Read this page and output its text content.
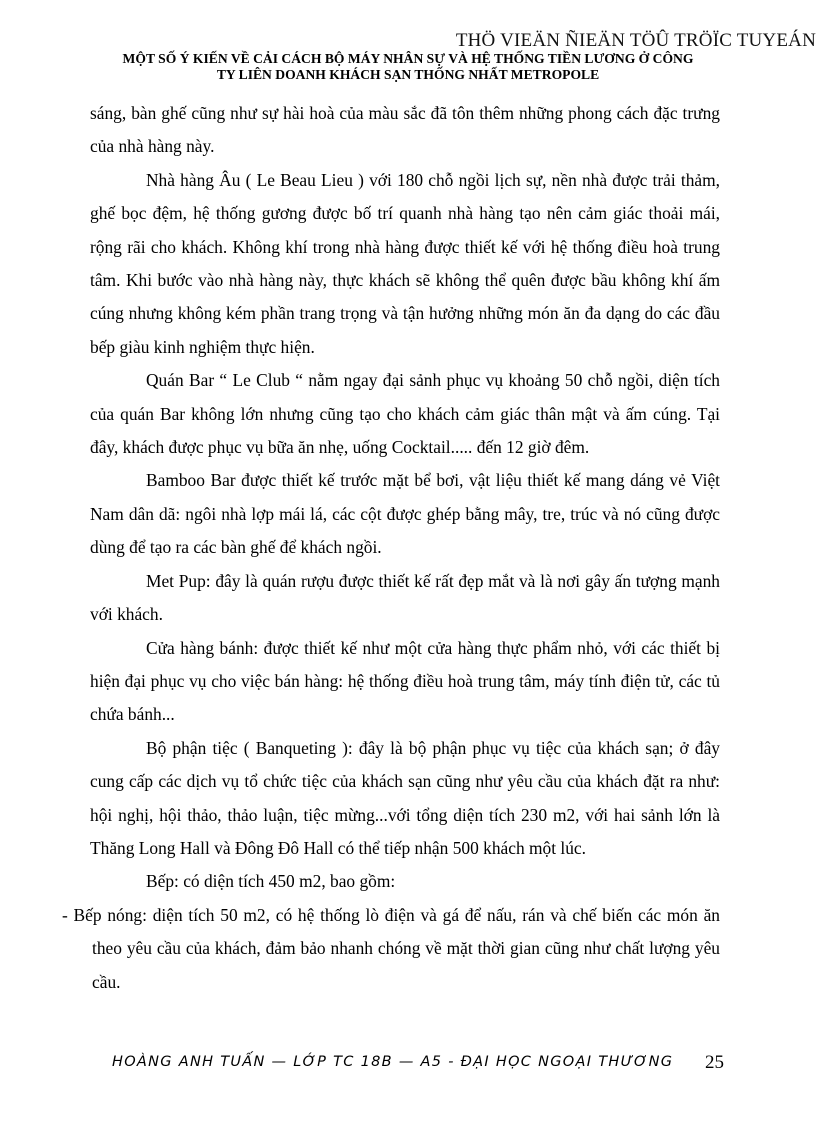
THÖ VIEÄN ÑIEÄN TÖÛ TRÖÏC TUYEÁN
MỘT SỐ Ý KIẾN VỀ CẢI CÁCH BỘ MÁY NHÂN SỰ VÀ HỆ THỐNG TIỀN LƯƠNG Ở CÔNG
TY LIÊN DOANH KHÁCH SẠN THỐNG NHẤT METROPOLE

sáng, bàn ghế cũng như sự hài hoà của màu sắc đã tôn thêm những phong cách đặc trưng của nhà hàng này.

Nhà hàng Âu ( Le Beau Lieu ) với 180 chỗ ngồi lịch sự, nền nhà được trải thảm, ghế bọc đệm, hệ thống gương được bố trí quanh nhà hàng tạo nên cảm giác thoải mái, rộng rãi cho khách. Không khí trong nhà hàng được thiết kế với hệ thống điều hoà trung tâm. Khi bước vào nhà hàng này, thực khách sẽ không thể quên được bầu không khí ấm cúng nhưng không kém phần trang trọng và tận hưởng những món ăn đa dạng do các đầu bếp giàu kinh nghiệm thực hiện.

Quán Bar “ Le Club “ nằm ngay đại sảnh phục vụ khoảng 50 chỗ ngồi, diện tích của quán Bar không lớn nhưng cũng tạo cho khách cảm giác thân mật và ấm cúng. Tại đây, khách được phục vụ bữa ăn nhẹ, uống Cocktail..... đến 12 giờ đêm.

Bamboo Bar được thiết kế trước mặt bể bơi, vật liệu thiết kế mang dáng vẻ Việt Nam dân dã: ngôi nhà lợp mái lá, các cột được ghép bằng mây, tre, trúc và nó cũng được dùng để tạo ra các bàn ghế để khách ngồi.

Met Pup: đây là quán rượu được thiết kế rất đẹp mắt và là nơi gây ấn tượng mạnh với khách.

Cửa hàng bánh: được thiết kế như một cửa hàng thực phẩm nhỏ, với các thiết bị hiện đại phục vụ cho việc bán hàng: hệ thống điều hoà trung tâm, máy tính điện tử, các tủ chứa bánh...

Bộ phận tiệc ( Banqueting ): đây là bộ phận phục vụ tiệc của khách sạn; ở đây cung cấp các dịch vụ tổ chức tiệc của khách sạn cũng như yêu cầu của khách đặt ra như: hội nghị, hội thảo, thảo luận, tiệc mừng...với tổng diện tích 230 m2, với hai sảnh lớn là Thăng Long Hall và Đông Đô Hall có thể tiếp nhận 500 khách một lúc.

Bếp: có diện tích 450 m2, bao gồm:

- Bếp nóng: diện tích 50 m2, có hệ thống lò điện và gá để nấu, rán và chế biến các món ăn theo yêu cầu của khách, đảm bảo nhanh chóng về mặt thời gian cũng như chất lượng yêu cầu.

HOÀNG ANH TUẤN — LỚP TC 18B — A5 - ĐẠI HỌC NGOẠI THƯƠNG 25
